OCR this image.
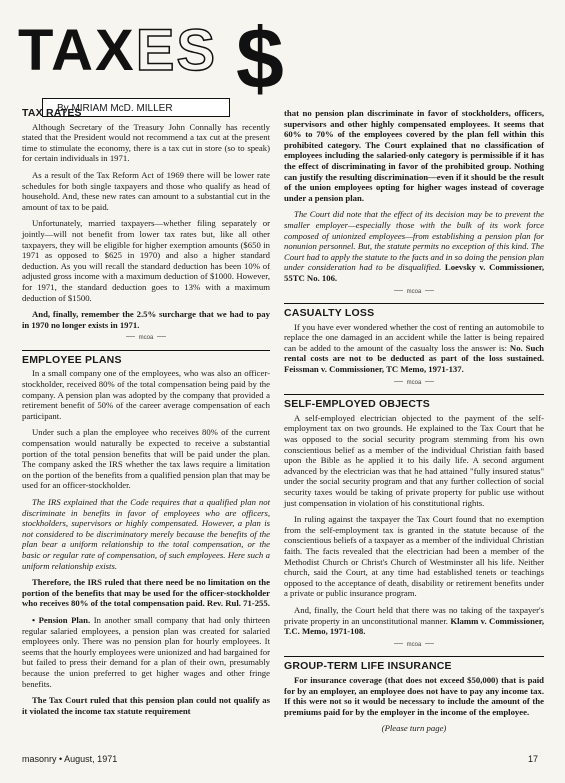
TAXES $
By MIRIAM McD. MILLER
TAX RATES

Although Secretary of the Treasury John Connally has recently stated that the President would not recommend a tax cut at the present time to stimulate the economy, there is a tax cut in store (so to speak) for certain individuals in 1971.

As a result of the Tax Reform Act of 1969 there will be lower rate schedules for both single taxpayers and those who qualify as head of household. And, these new rates can amount to a substantial cut in the amount of tax to be paid.

Unfortunately, married taxpayers—whether filing separately or jointly—will not benefit from lower tax rates but, like all other taxpayers, they will be eligible for higher exemption amounts ($650 in 1971 as opposed to $625 in 1970) and also a higher standard deduction. As you will recall the standard deduction has been 10% of adjusted gross income with a maximum deduction of $1000. However, for 1971, the standard deduction goes to 13% with a maximum deduction of $1500.

And, finally, remember the 2.5% surcharge that we had to pay in 1970 no longer exists in 1971.

mcoa
EMPLOYEE PLANS

In a small company one of the employees, who was also an officer-stockholder, received 80% of the total compensation being paid by the company. A pension plan was adopted by the company that provided a retirement benefit of 50% of the career average compensation of each participant.

Under such a plan the employee who receives 80% of the current compensation would naturally be expected to receive a substantial portion of the total pension benefits that will be paid under the plan. The company asked the IRS whether the tax laws require a limitation on the portion of the benefits from a qualified pension plan that may be used for an officer-stockholder.

The IRS explained that the Code requires that a qualified plan not discriminate in benefits in favor of employees who are officers, stockholders, supervisors or highly compensated. However, a plan is not considered to be discriminatory merely because the benefits of the plan bear a uniform relationship to the total compensation, or the basic or regular rate of compensation, of such employees. Here such a uniform relationship exists.

Therefore, the IRS ruled that there need be no limitation on the portion of the benefits that may be used for the officer-stockholder who receives 80% of the total compensation paid. Rev. Rul. 71-255.

• Pension Plan. In another small company that had only thirteen regular salaried employees, a pension plan was created for salaried employees only. There was no pension plan for hourly employees. It seems that the hourly employees were unionized and had bargained for but failed to press their demand for a plan of their own, presumably because the union preferred to get higher wages and other fringe benefits.

The Tax Court ruled that this pension plan could not qualify as it violated the income tax statute requirement

that no pension plan discriminate in favor of stockholders, officers, supervisors and other highly compensated employees. It seems that 60% to 70% of the employees covered by the plan fell within this prohibited category. The Court explained that no classification of employees including the salaried-only category is permissible if it has the effect of discriminating in favor of the prohibited group. Nothing can justify the resulting discrimination—even if it should be the result of the union employees opting for higher wages instead of coverage under a pension plan.

The Court did note that the effect of its decision may be to prevent the smaller employer—especially those with the bulk of its work force composed of unionized employees—from establishing a pension plan for nonunion personnel. But, the statute permits no exception of this kind. The Court had to apply the statute to the facts and in so doing the pension plan under consideration had to be disqualified. Loevsky v. Commissioner, 55TC No. 106.

mcoa
CASUALTY LOSS

If you have ever wondered whether the cost of renting an automobile to replace the one damaged in an accident while the latter is being repaired can be added to the amount of the casualty loss the answer is: No. Such rental costs are not to be deducted as part of the loss sustained. Feissman v. Commissioner, TC Memo, 1971-137.

mcoa
SELF-EMPLOYED OBJECTS

A self-employed electrician objected to the payment of the self-employment tax on two grounds. He explained to the Tax Court that he was opposed to the social security program stemming from his own conscientious belief as a member of the individual Christian faith based upon the Bible as he applied it to his daily life. A second argument advanced by the electrician was that he had attained "fully insured status" under the social security program and that any further collection of social security taxes would be taking of private property for public use without just compensation in violation of his constitutional rights.

In ruling against the taxpayer the Tax Court found that no exemption from the self-employment tax is granted in the statute because of the conscientious beliefs of a taxpayer as a member of the individual Christian faith. The facts revealed that the electrician had been a member of the Methodist Church or Christ's Church of Westminster all his life. Neither church, said the Court, at any time had established tenets or teachings opposed to the acceptance of death, disability or retirement benefits under a private or public insurance program.

And, finally, the Court held that there was no taking of the taxpayer's private property in an unconstitutional manner. Klamm v. Commissioner, T.C. Memo, 1971-108.

mcoa
GROUP-TERM LIFE INSURANCE

For insurance coverage (that does not exceed $50,000) that is paid for by an employer, an employee does not have to pay any income tax. If this were not so it would be necessary to include the amount of the premiums paid for by the employer in the income of the employee.

(Please turn page)

masonry • August, 1971	17
